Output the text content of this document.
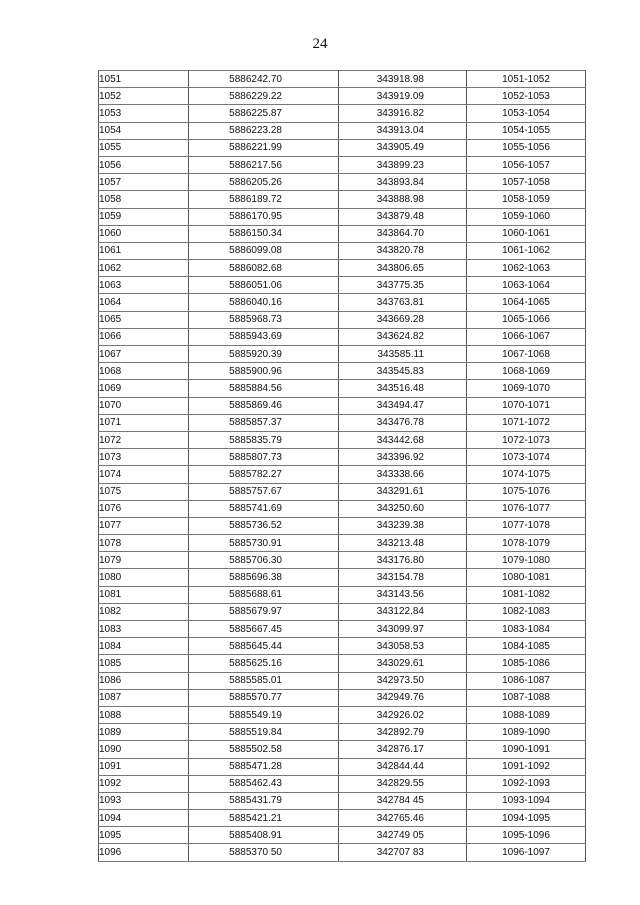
24
1051	5886242.70	343918.98	1051-1052
1052	5886229.22	343919.09	1052-1053
1053	5886225.87	343916.82	1053-1054
1054	5886223.28	343913.04	1054-1055
1055	5886221.99	343905.49	1055-1056
1056	5886217.56	343899.23	1056-1057
1057	5886205.26	343893.84	1057-1058
1058	5886189.72	343888.98	1058-1059
1059	5886170.95	343879.48	1059-1060
1060	5886150.34	343864.70	1060-1061
1061	5886099.08	343820.78	1061-1062
1062	5886082.68	343806.65	1062-1063
1063	5886051.06	343775.35	1063-1064
1064	5886040.16	343763.81	1064-1065
1065	5885968.73	343669.28	1065-1066
1066	5885943.69	343624.82	1066-1067
1067	5885920.39	343585.11	1067-1068
1068	5885900.96	343545.83	1068-1069
1069	5885884.56	343516.48	1069-1070
1070	5885869.46	343494.47	1070-1071
1071	5885857.37	343476.78	1071-1072
1072	5885835.79	343442.68	1072-1073
1073	5885807.73	343396.92	1073-1074
1074	5885782.27	343338.66	1074-1075
1075	5885757.67	343291.61	1075-1076
1076	5885741.69	343250.60	1076-1077
1077	5885736.52	343239.38	1077-1078
1078	5885730.91	343213.48	1078-1079
1079	5885706.30	343176.80	1079-1080
1080	5885696.38	343154.78	1080-1081
1081	5885688.61	343143.56	1081-1082
1082	5885679.97	343122.84	1082-1083
1083	5885667.45	343099.97	1083-1084
1084	5885645.44	343058.53	1084-1085
1085	5885625.16	343029.61	1085-1086
1086	5885585.01	342973.50	1086-1087
1087	5885570.77	342949.76	1087-1088
1088	5885549.19	342926.02	1088-1089
1089	5885519.84	342892.79	1089-1090
1090	5885502.58	342876.17	1090-1091
1091	5885471.28	342844.44	1091-1092
1092	5885462.43	342829.55	1092-1093
1093	5885431.79	342784 45	1093-1094
1094	5885421.21	342765.46	1094-1095
1095	5885408.91	342749 05	1095-1096
1096	5885370 50	342707 83	1096-1097
